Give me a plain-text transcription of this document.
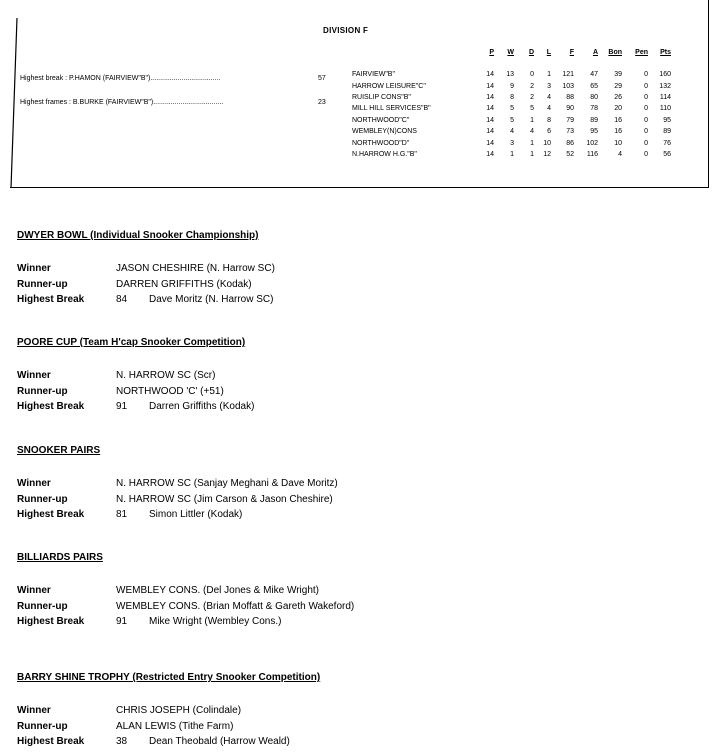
DIVISION F
Highest break : P.HAMON (FAIRVIEW"B")....................................	57
Highest frames : B.BURKE (FAIRVIEW"B")....................................	23
	P	W	D	L	F	A	Bon	Pen	Pts
FAIRVIEW"B"	14	13	0	1	121	47	39	0	160
HARROW LEISURE"C"	14	9	2	3	103	65	29	0	132
RUISLIP CONS"B"	14	8	2	4	88	80	26	0	114
MILL HILL SERVICES"B"	14	5	5	4	90	78	20	0	110
NORTHWOOD"C"	14	5	1	8	79	89	16	0	95
WEMBLEY(N)CONS	14	4	4	6	73	95	16	0	89
NORTHWOOD"D"	14	3	1	10	86	102	10	0	76
N.HARROW H.G."B"	14	1	1	12	52	116	4	0	56
DWYER BOWL (Individual Snooker Championship)
Winner	JASON CHESHIRE (N. Harrow SC)
Runner-up	DARREN GRIFFITHS (Kodak)
Highest Break	84 Dave Moritz (N. Harrow SC)
POORE CUP (Team H'cap Snooker Competition)
Winner	N. HARROW SC (Scr)
Runner-up	NORTHWOOD 'C' (+51)
Highest Break	91 Darren Griffiths (Kodak)
SNOOKER PAIRS
Winner	N. HARROW SC (Sanjay Meghani & Dave Moritz)
Runner-up	N. HARROW SC (Jim Carson & Jason Cheshire)
Highest Break	81 Simon Littler (Kodak)
BILLIARDS PAIRS
Winner	WEMBLEY CONS. (Del Jones & Mike Wright)
Runner-up	WEMBLEY CONS. (Brian Moffatt & Gareth Wakeford)
Highest Break	91 Mike Wright (Wembley Cons.)
BARRY SHINE TROPHY (Restricted Entry Snooker Competition)
Winner	CHRIS JOSEPH (Colindale)
Runner-up	ALAN LEWIS (Tithe Farm)
Highest Break	38 Dean Theobald (Harrow Weald)
